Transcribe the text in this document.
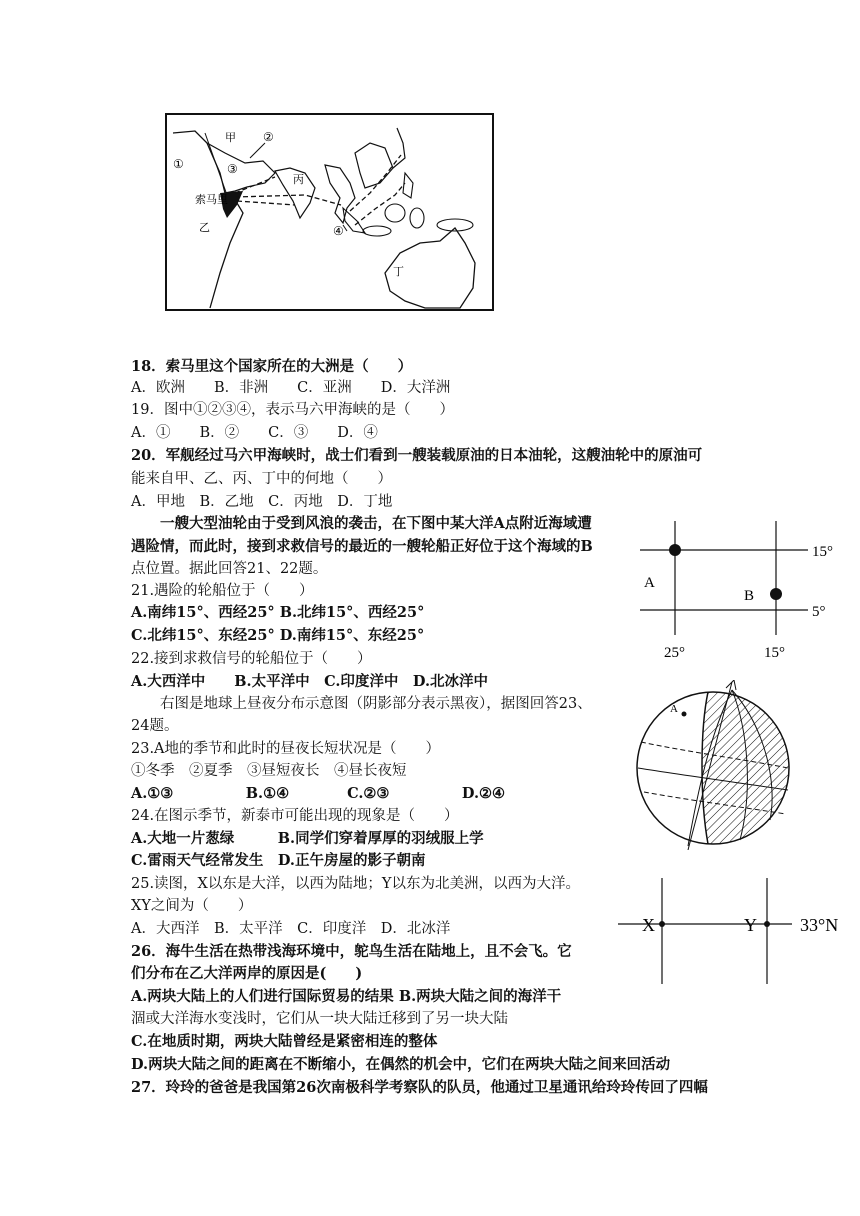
甲 ②
①	③
丙
索马里
乙	④
丁
15°
5°
25°	15°
A
B
A
X	Y 33°N
18．索马里这个国家所在的大洲是（　　）
A．欧洲　　B．非洲　　C．亚洲　　D．大洋洲
19．图中①②③④，表示马六甲海峡的是（　　）
A．①　　B．②　　C．③　　D．④
20．军舰经过马六甲海峡时，战士们看到一艘装载原油的日本油轮，这艘油轮中的原油可
能来自甲、乙、丙、丁中的何地（　　）
A．甲地　B．乙地　C．丙地　D．丁地
　　一艘大型油轮由于受到风浪的袭击，在下图中某大洋A点附近海域遭
遇险情，而此时，接到求救信号的最近的一艘轮船正好位于这个海域的B
点位置。据此回答21、22题。
21.遇险的轮船位于（　　）
A.南纬15°、西经25° B.北纬15°、西经25°
C.北纬15°、东经25° D.南纬15°、东经25°
22.接到求救信号的轮船位于（　　）
A.大西洋中　　B.太平洋中　C.印度洋中　D.北冰洋中
　　右图是地球上昼夜分布示意图（阴影部分表示黑夜），据图回答23、
24题。
23.A地的季节和此时的昼夜长短状况是（　　）
①冬季　②夏季　③昼短夜长　④昼长夜短
A.①③　　　　　B.①④　　　　C.②③　　　　　D.②④
24.在图示季节，新泰市可能出现的现象是（　　）
A.大地一片葱绿　　　B.同学们穿着厚厚的羽绒服上学
C.雷雨天气经常发生　D.正午房屋的影子朝南
25.读图，X以东是大洋，以西为陆地；Y以东为北美洲，以西为大洋。
XY之间为（　　）
A．大西洋　B．太平洋　C．印度洋　D．北冰洋
26．海牛生活在热带浅海环境中，鸵鸟生活在陆地上，且不会飞。它
们分布在乙大洋两岸的原因是(　　)
A.两块大陆上的人们进行国际贸易的结果 B.两块大陆之间的海洋干
涸或大洋海水变浅时，它们从一块大陆迁移到了另一块大陆
C.在地质时期，两块大陆曾经是紧密相连的整体
D.两块大陆之间的距离在不断缩小，在偶然的机会中，它们在两块大陆之间来回活动
27．玲玲的爸爸是我国第26次南极科学考察队的队员，他通过卫星通讯给玲玲传回了四幅
